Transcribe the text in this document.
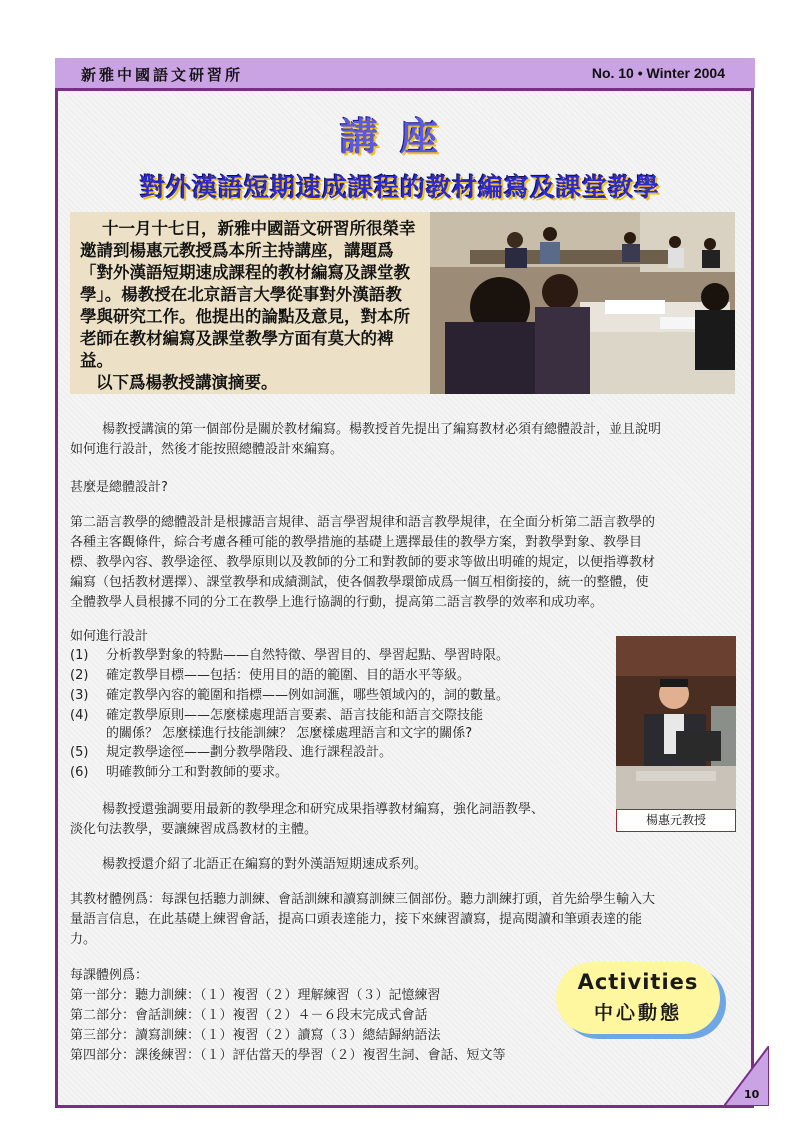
新雅中國語文研習所	No. 10 • Winter 2004
講座
對外漢語短期速成課程的教材編寫及課堂教學

十一月十七日，新雅中國語文研習所很榮幸

邀請到楊惠元教授爲本所主持講座，講題爲

「對外漢語短期速成課程的教材編寫及課堂教

學」。楊教授在北京語言大學從事對外漢語教

學與研究工作。他提出的論點及意見，對本所

老師在教材編寫及課堂教學方面有莫大的裨

益。

以下爲楊教授講演摘要。

楊教授講演的第一個部份是關於教材編寫。楊教授首先提出了編寫教材必須有總體設計，並且說明

如何進行設計，然後才能按照總體設計來編寫。

甚麼是總體設計?

第二語言教學的總體設計是根據語言規律、語言學習規律和語言教學規律，在全面分析第二語言教學的

各種主客觀條件，綜合考慮各種可能的教學措施的基礎上選擇最佳的教學方案，對教學對象、教學目

標、教學內容、教學途徑、教學原則以及教師的分工和對教師的要求等做出明確的規定，以便指導教材

編寫（包括教材選擇）、課堂教學和成績測試，使各個教學環節成爲一個互相銜接的，統一的整體，使

全體教學人員根據不同的分工在教學上進行協調的行動，提高第二語言教學的效率和成功率。

如何進行設計
(1) 分析教學對象的特點——自然特徵、學習目的、學習起點、學習時限。
(2) 確定教學目標——包括：使用目的語的範圍、目的語水平等級。
(3) 確定教學內容的範圍和指標——例如詞滙，哪些領域內的，詞的數量。
(4) 確定教學原則——怎麼樣處理語言要素、語言技能和語言交際技能
的關係？ 怎麼樣進行技能訓練？ 怎麼樣處理語言和文字的關係?
(5) 規定教學途徑——劃分教學階段、進行課程設計。
(6) 明確教師分工和對教師的要求。
楊惠元教授

楊教授還強調要用最新的教學理念和研究成果指導教材編寫，強化詞語教學、

淡化句法教學，要讓練習成爲教材的主體。

楊教授還介紹了北語正在編寫的對外漢語短期速成系列。

其教材體例爲：每課包括聽力訓練、會話訓練和讀寫訓練三個部份。聽力訓練打頭，首先給學生輸入大

量語言信息，在此基礎上練習會話，提高口頭表達能力，接下來練習讀寫，提高閱讀和筆頭表達的能

力。

每課體例爲：

第一部分：聽力訓練：（１）複習（２）理解練習（３）記憶練習

第二部分：會話訓練：（１）複習（２）４－６段末完成式會話

第三部分：讀寫訓練：（１）複習（２）讀寫（３）總結歸納語法

第四部分：課後練習：（１）評估當天的學習（２）複習生詞、會話、短文等

Activities
中心動態
10
